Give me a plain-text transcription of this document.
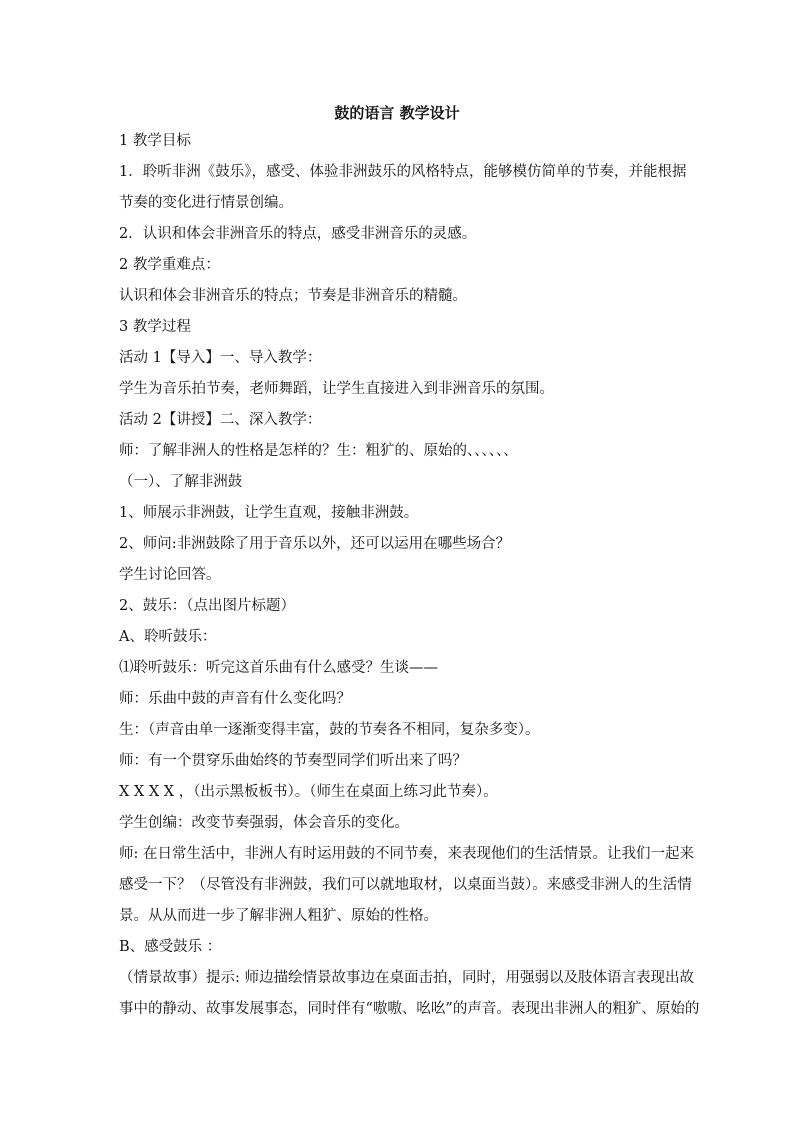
鼓的语言 教学设计
1 教学目标
1．聆听非洲《鼓乐》，感受、体验非洲鼓乐的风格特点，能够模仿简单的节奏，并能根据
节奏的变化进行情景创编。
2．认识和体会非洲音乐的特点，感受非洲音乐的灵感。
2 教学重难点：
认识和体会非洲音乐的特点；节奏是非洲音乐的精髓。
3 教学过程
活动 1【导入】一、导入教学：
学生为音乐拍节奏，老师舞蹈，让学生直接进入到非洲音乐的氛围。
活动 2【讲授】二、深入教学：
师：了解非洲人的性格是怎样的？生：粗犷的、原始的、、、、、、
（一）、了解非洲鼓
1、师展示非洲鼓，让学生直观，接触非洲鼓。
2、师问:非洲鼓除了用于音乐以外，还可以运用在哪些场合？
学生讨论回答。
2、鼓乐：（点出图片标题）
A、聆听鼓乐：
⑴聆听鼓乐：听完这首乐曲有什么感受？生谈——
师：乐曲中鼓的声音有什么变化吗？
生：（声音由单一逐渐变得丰富，鼓的节奏各不相同，复杂多变）。
师：有一个贯穿乐曲始终的节奏型同学们听出来了吗？
X X X X ，（出示黑板板书）。（师生在桌面上练习此节奏）。
学生创编：改变节奏强弱，体会音乐的变化。
师: 在日常生活中，非洲人有时运用鼓的不同节奏，来表现他们的生活情景。让我们一起来
感受一下？（尽管没有非洲鼓，我们可以就地取材，以桌面当鼓）。来感受非洲人的生活情
景。从从而进一步了解非洲人粗犷、原始的性格。
B、感受鼓乐 ：
（情景故事）提示: 师边描绘情景故事边在桌面击拍，同时，用强弱以及肢体语言表现出故
事中的静动、故事发展事态，同时伴有“嗷嗷、吆吆”的声音。表现出非洲人的粗犷、原始的
